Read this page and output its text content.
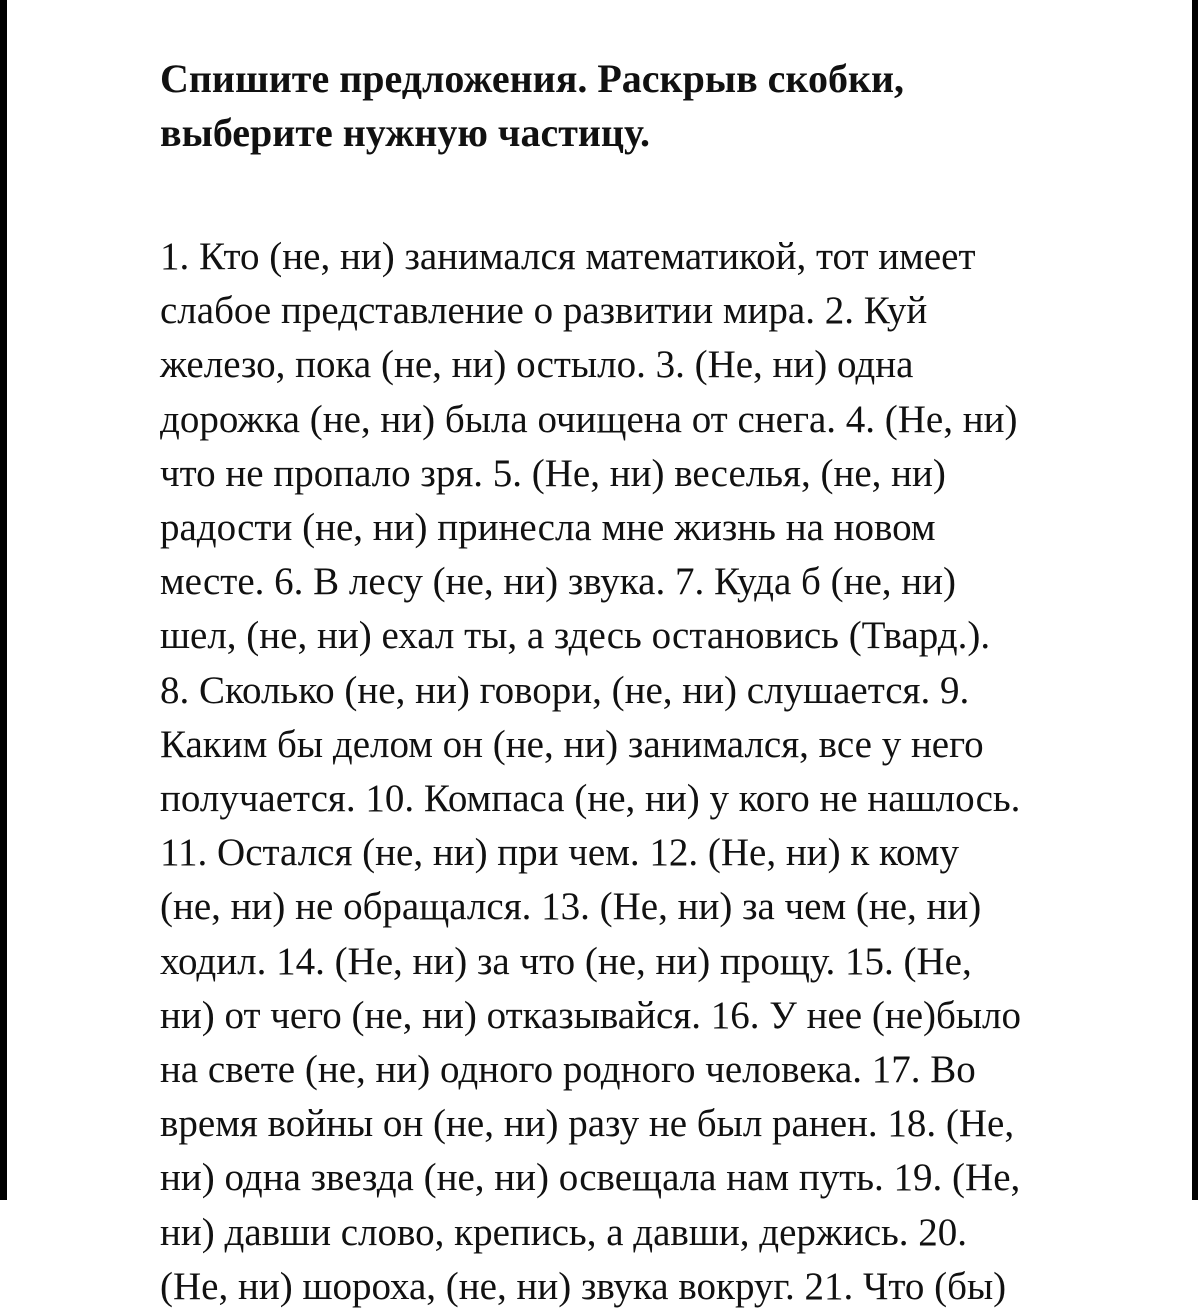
Спишите предложения. Раскрыв скобки,
выберите нужную частицу.
1. Кто (не, ни) занимался математикой, тот имеет
слабое представление о развитии мира. 2. Куй
железо, пока (не, ни) остыло. 3. (Не, ни) одна
дорожка (не, ни) была очищена от снега. 4. (Не, ни)
что не пропало зря. 5. (Не, ни) веселья, (не, ни)
радости (не, ни) принесла мне жизнь на новом
месте. 6. В лесу (не, ни) звука. 7. Куда б (не, ни)
шел, (не, ни) ехал ты, а здесь остановись (Твард.).
8. Сколько (не, ни) говори, (не, ни) слушается. 9.
Каким бы делом он (не, ни) занимался, все у него
получается. 10. Компаса (не, ни) у кого не нашлось.
11. Остался (не, ни) при чем. 12. (Не, ни) к кому
(не, ни) не обращался. 13. (Не, ни) за чем (не, ни)
ходил. 14. (Не, ни) за что (не, ни) прощу. 15. (Не,
ни) от чего (не, ни) отказывайся. 16. У нее (не)было
на свете (не, ни) одного родного человека. 17. Во
время войны он (не, ни) разу не был ранен. 18. (Не,
ни) одна звезда (не, ни) освещала нам путь. 19. (Не,
ни) давши слово, крепись, а давши, держись. 20.
(Не, ни) шороха, (не, ни) звука вокруг. 21. Что (бы)
